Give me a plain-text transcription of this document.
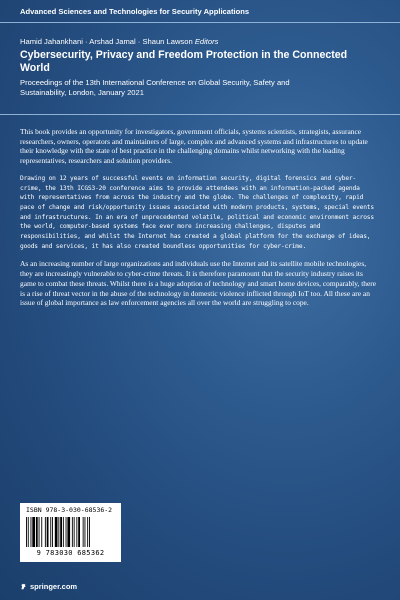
Advanced Sciences and Technologies for Security Applications
Hamid Jahankhani · Arshad Jamal · Shaun Lawson Editors
Cybersecurity, Privacy and Freedom Protection in the Connected World
Proceedings of the 13th International Conference on Global Security, Safety and Sustainability, London, January 2021

This book provides an opportunity for investigators, government officials, systems scientists, strategists, assurance researchers, owners, operators and maintainers of large, complex and advanced systems and infrastructures to update their knowledge with the state of best practice in the challenging domains whilst networking with the leading representatives, researchers and solution providers.

Drawing on 12 years of successful events on information security, digital forensics and cyber-crime, the 13th ICGS3-20 conference aims to provide attendees with an information-packed agenda with representatives from across the industry and the globe. The challenges of complexity, rapid pace of change and risk/opportunity issues associated with modern products, systems, special events and infrastructures. In an era of unprecedented volatile, political and economic environment across the world, computer-based systems face ever more increasing challenges, disputes and responsibilities, and whilst the Internet has created a global platform for the exchange of ideas, goods and services, it has also created boundless opportunities for cyber-crime.

As an increasing number of large organizations and individuals use the Internet and its satellite mobile technologies, they are increasingly vulnerable to cyber-crime threats. It is therefore paramount that the security industry raises its game to combat these threats. Whilst there is a huge adoption of technology and smart home devices, comparably, there is a rise of threat vector in the abuse of the technology in domestic violence inflicted through IoT too. All these are an issue of global importance as law enforcement agencies all over the world are struggling to cope.

ISBN 978-3-030-68536-2
9 783030 685362
springer.com
